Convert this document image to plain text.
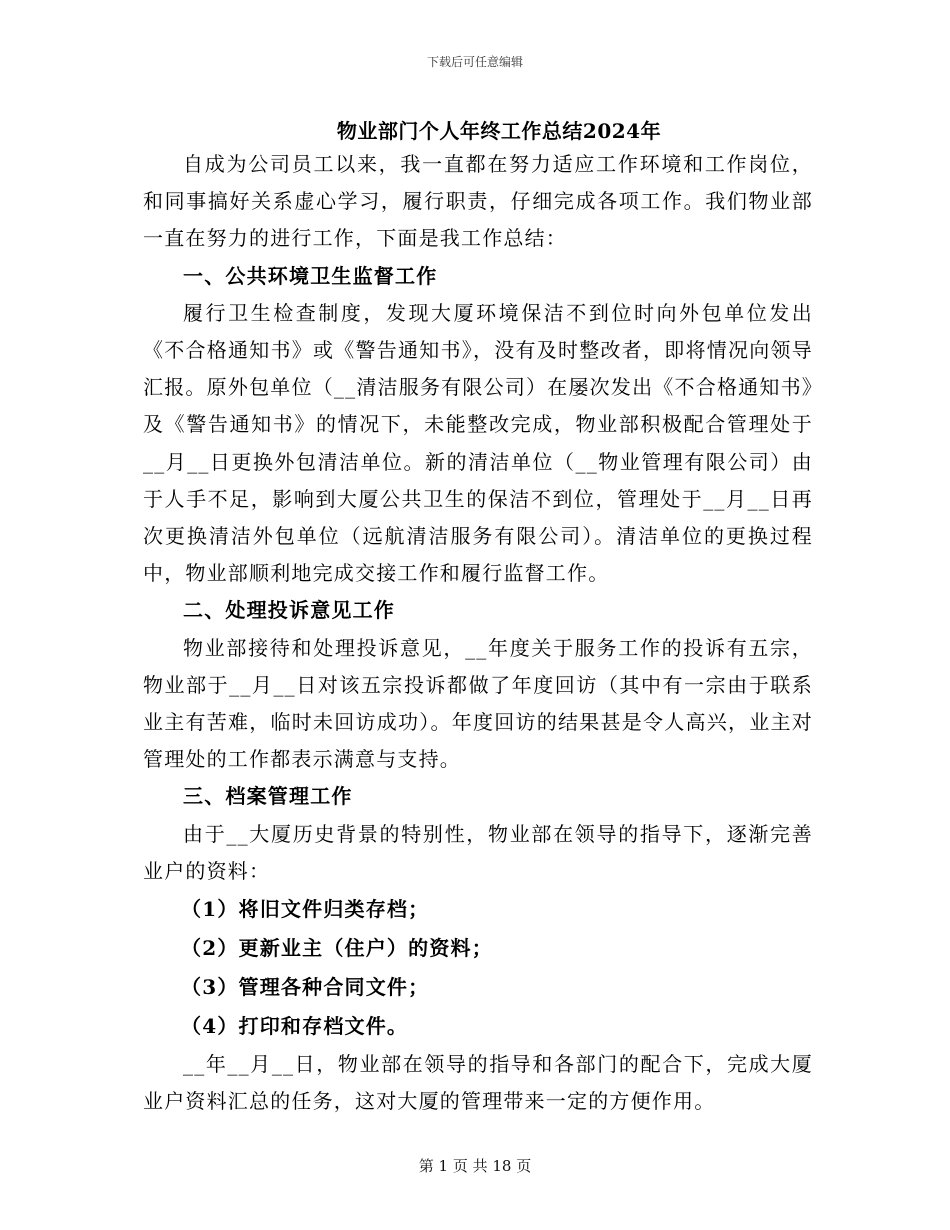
下载后可任意编辑
物业部门个人年终工作总结2024年

自成为公司员工以来，我一直都在努力适应工作环境和工作岗位，和同事搞好关系虚心学习，履行职责，仔细完成各项工作。我们物业部一直在努力的进行工作，下面是我工作总结：

一、公共环境卫生监督工作

履行卫生检查制度，发现大厦环境保洁不到位时向外包单位发出《不合格通知书》或《警告通知书》，没有及时整改者，即将情况向领导汇报。原外包单位（__清洁服务有限公司）在屡次发出《不合格通知书》及《警告通知书》的情况下，未能整改完成，物业部积极配合管理处于__月__日更换外包清洁单位。新的清洁单位（__物业管理有限公司）由于人手不足，影响到大厦公共卫生的保洁不到位，管理处于__月__日再次更换清洁外包单位（远航清洁服务有限公司）。清洁单位的更换过程中，物业部顺利地完成交接工作和履行监督工作。

二、处理投诉意见工作

物业部接待和处理投诉意见，__年度关于服务工作的投诉有五宗，物业部于__月__日对该五宗投诉都做了年度回访（其中有一宗由于联系业主有苦难，临时未回访成功）。年度回访的结果甚是令人高兴，业主对管理处的工作都表示满意与支持。

三、档案管理工作

由于__大厦历史背景的特别性，物业部在领导的指导下，逐渐完善业户的资料：

（1）将旧文件归类存档；

（2）更新业主（住户）的资料；

（3）管理各种合同文件；

（4）打印和存档文件。

__年__月__日，物业部在领导的指导和各部门的配合下，完成大厦业户资料汇总的任务，这对大厦的管理带来一定的方便作用。

第 1 页 共 18 页
